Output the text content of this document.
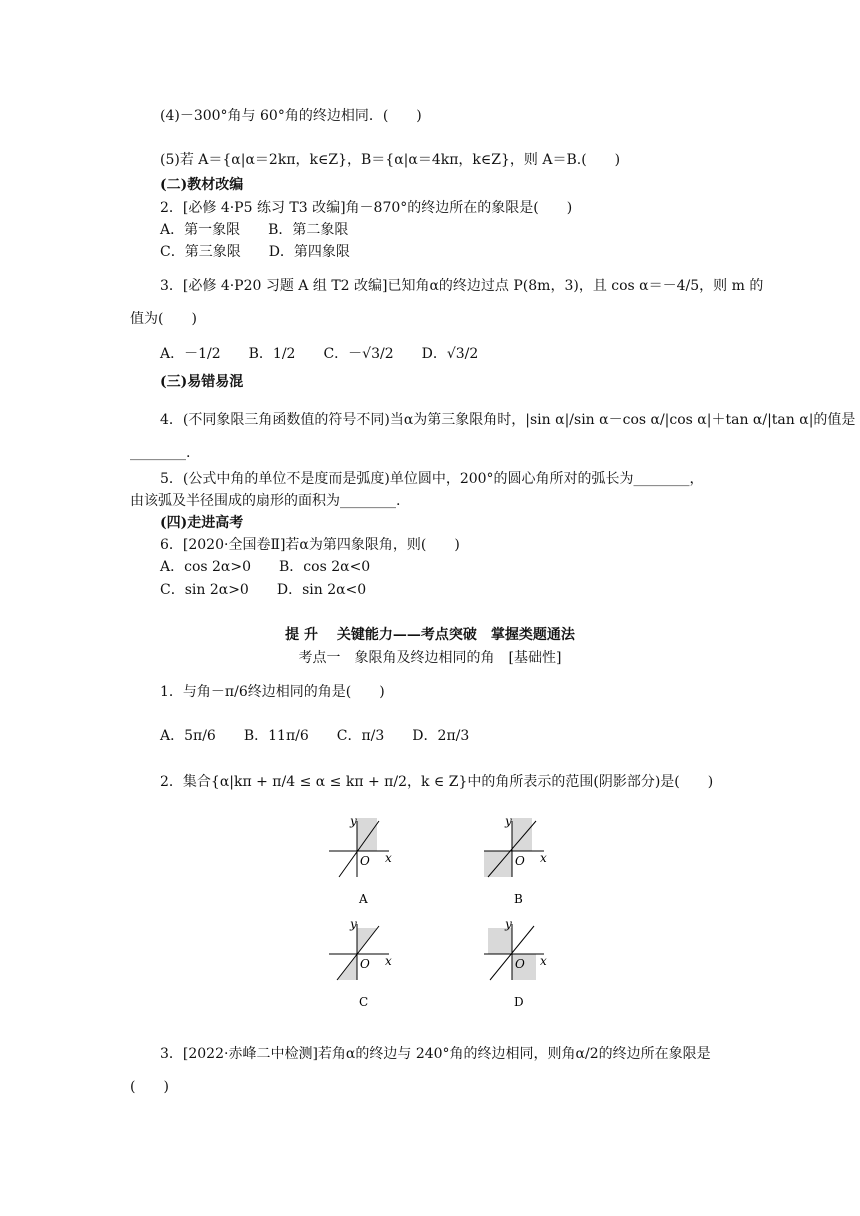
(4)－300°角与 60°角的终边相同．(　　)
(5)若 A＝{α|α＝2kπ，k∈Z}，B＝{α|α＝4kπ，k∈Z}，则 A＝B.(　　)
(二)教材改编
2．[必修 4·P5 练习 T3 改编]角－870°的终边所在的象限是(　　)
A．第一象限　　B．第二象限
C．第三象限　　D．第四象限
3．[必修 4·P20 习题 A 组 T2 改编]已知角α的终边过点 P(8m，3)，且 cos α＝－4/5，则 m 的
值为(　　)
A．－1/2　　B．1/2　　C．－√3/2　　D．√3/2
(三)易错易混
4．(不同象限三角函数值的符号不同)当α为第三象限角时，|sin α|/sin α－cos α/|cos α|＋tan α/|tan α|的值是
________.
5．(公式中角的单位不是度而是弧度)单位圆中，200°的圆心角所对的弧长为________，
由该弧及半径围成的扇形的面积为________.
(四)走进高考
6．[2020·全国卷Ⅱ]若α为第四象限角，则(　　)
A．cos 2α>0　　B．cos 2α<0
C．sin 2α>0　　D．sin 2α<0
提 升　 关键能力——考点突破　掌握类题通法
考点一　象限角及终边相同的角　[基础性]
1．与角－π/6终边相同的角是(　　)
A．5π/6　　B．11π/6　　C．π/3　　D．2π/3
2．集合{α|kπ + π/4 ≤ α ≤ kπ + π/2，k ∈ Z}中的角所表示的范围(阴影部分)是(　　)
y
x
O
A
y
x
O
B
y
x
O
C
y
x
O
D
3．[2022·赤峰二中检测]若角α的终边与 240°角的终边相同，则角α/2的终边所在象限是
(　　)
